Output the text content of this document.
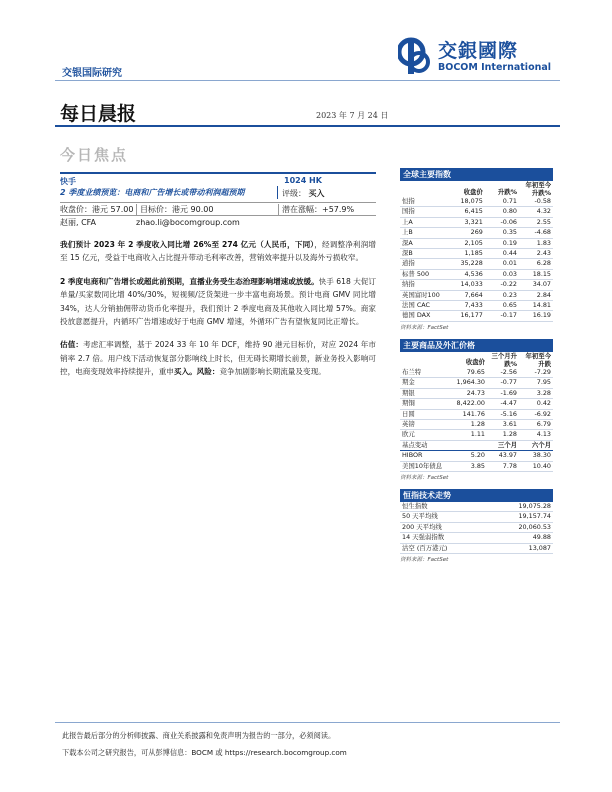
交银国际研究
交銀國際
BOCOM International
每日晨报	2023 年 7 月 24 日
今日焦点
快手	1024 HK
2 季度业绩预览：电商和广告增长或带动利润超预期	评级： 买入
收盘价：港元 57.00 目标价：港元 90.00	潜在涨幅：+57.9%
赵丽, CFA	zhao.li@bocomgroup.com

我们预计 2023 年 2 季度收入同比增 26%至 274 亿元（人民币，下同），经调整净利润增至 15 亿元，受益于电商收入占比提升带动毛利率改善，营销效率提升以及海外亏损收窄。

2 季度电商和广告增长或超此前预期，直播业务受生态治理影响增速或放缓。快手 618 大促订单量/买家数同比增 40%/30%，短视频/泛货架进一步丰富电商场景。预计电商 GMV 同比增 34%，达人分销抽佣带动货币化率提升，我们预计 2 季度电商及其他收入同比增 57%。商家投放意愿提升，内循环广告增速或好于电商 GMV 增速，外循环广告有望恢复同比正增长。

估值：考虑汇率调整，基于 2024 33 年 10 年 DCF，维持 90 港元目标价，对应 2024 年市销率 2.7 倍。用户线下活动恢复部分影响线上时长，但无碍长期增长前景，新业务投入影响可控，电商变现效率持续提升，重申买入。风险：竞争加剧影响长期流量及变现。

全球主要指数
	收盘价	升跌%	年初至今升跌%
恒指	18,075	0.71	-0.58
国指	6,415	0.80	4.32
上A	3,321	-0.06	2.55
上B	269	0.35	-4.68
深A	2,105	0.19	1.83
深B	1,185	0.44	2.43
道指	35,228	0.01	6.28
标普 500	4,536	0.03	18.15
纳指	14,033	-0.22	34.07
英国富时100	7,664	0.23	2.84
法国 CAC	7,433	0.65	14.81
德国 DAX	16,177	-0.17	16.19
资料来源：FactSet
主要商品及外汇价格
	收盘价	三个月升跌%	年初至今升跌
布兰特	79.65	-2.56	-7.29
期金	1,964.30	-0.77	7.95
期银	24.73	-1.69	3.28
期铜	8,422.00	-4.47	0.42
日圆	141.76	-5.16	-6.92
英镑	1.28	3.61	6.79
欧元	1.11	1.28	4.13
基点变动		三个月	六个月
HIBOR	5.20	43.97	38.30
美国10年债息	3.85	7.78	10.40
资料来源：FactSet
恒指技术走势
恒生指数	19,075.28
50 天平均线	19,157.74
200 天平均线	20,060.53
14 天强弱指数	49.88
沽空 (百万港元)	13,087
资料来源：FactSet
此报告最后部分的分析师披露、商业关系披露和免责声明为报告的一部分，必须阅读。
下载本公司之研究报告，可从彭博信息：BOCM 或 https://research.bocomgroup.com
